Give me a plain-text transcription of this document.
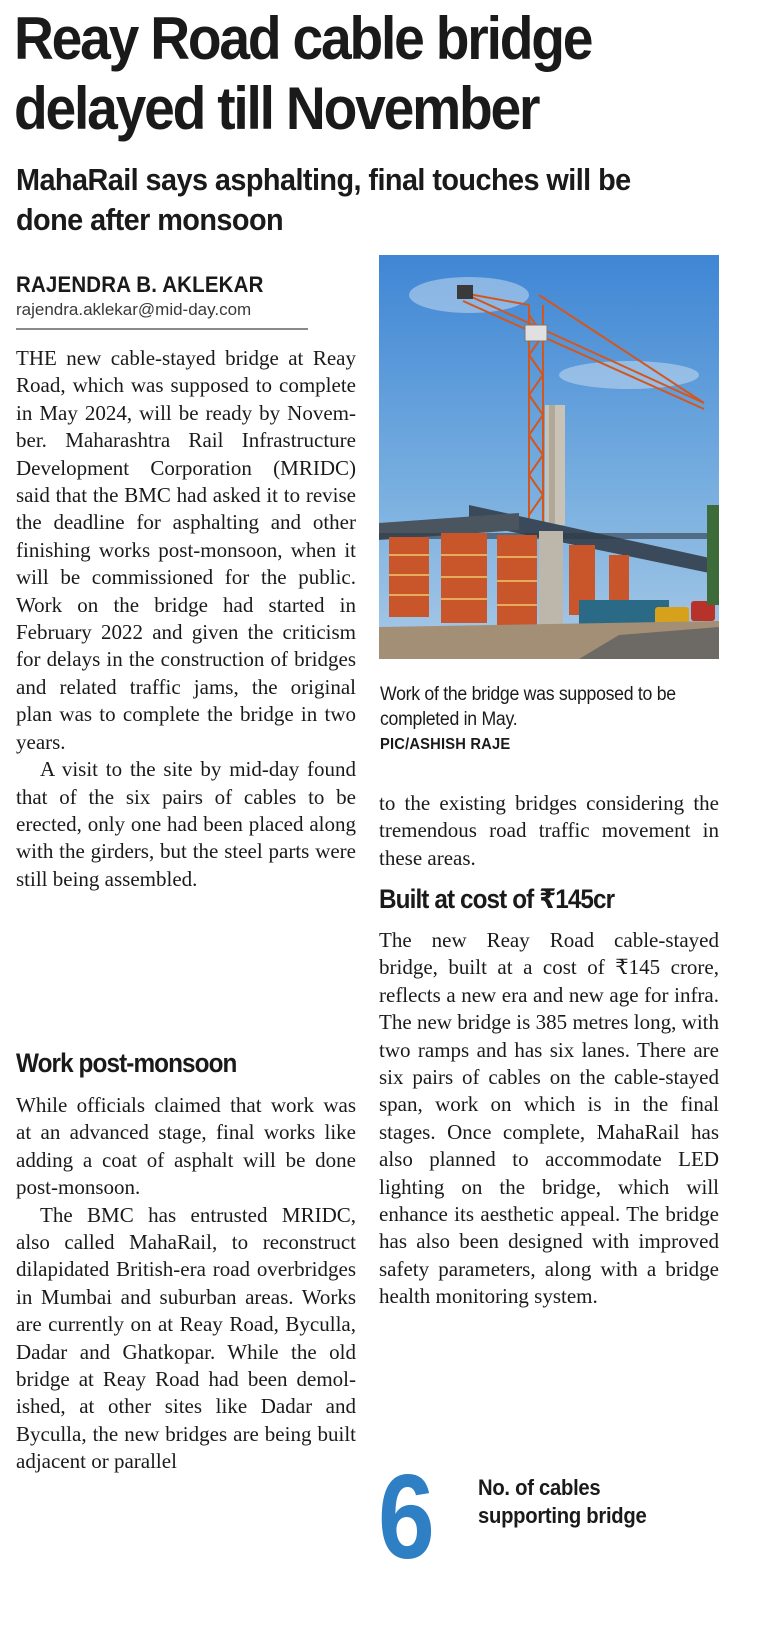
Reay Road cable bridge
delayed till November
MahaRail says asphalting, final touches will be done after monsoon
RAJENDRA B. AKLEKAR
rajendra.aklekar@mid-day.com

THE new cable-stayed bridge at Reay Road, which was supposed to complete in May 2024, will be ready by November. Maharashtra Rail Infrastructure Development Corporation (MRIDC) said that the BMC had asked it to revise the deadline for asphalting and other finishing works post-monsoon, when it will be commissioned for the public. Work on the bridge had started in February 2022 and given the criticism for delays in the construction of bridges and related traffic jams, the original plan was to complete the bridge in two years.

A visit to the site by mid-day found that of the six pairs of cables to be erected, only one had been placed along with the girders, but the steel parts were still being assembled.

Work post-monsoon

While officials claimed that work was at an advanced stage, final works like adding a coat of asphalt will be done post-monsoon.

The BMC has entrusted MRIDC, also called MahaRail, to reconstruct dilapidated British-era road overbridges in Mumbai and suburban areas. Works are currently on at Reay Road, Byculla, Dadar and Ghatkopar. While the old bridge at Reay Road had been demolished, at other sites like Dadar and Byculla, the new bridges are being built adjacent or parallel

Work of the bridge was supposed to be completed in May.
PIC/ASHISH RAJE

to the existing bridges considering the tremendous road traffic movement in these areas.

Built at cost of ₹145cr

The new Reay Road cable-stayed bridge, built at a cost of ₹145 crore, reflects a new era and new age for infra. The new bridge is 385 metres long, with two ramps and has six lanes. There are six pairs of cables on the cable-stayed span, work on which is in the final stages. Once complete, MahaRail has also planned to accommodate LED lighting on the bridge, which will enhance its aesthetic appeal. The bridge has also been designed with improved safety parameters, along with a bridge health monitoring system.

6 No. of cables supporting bridge
